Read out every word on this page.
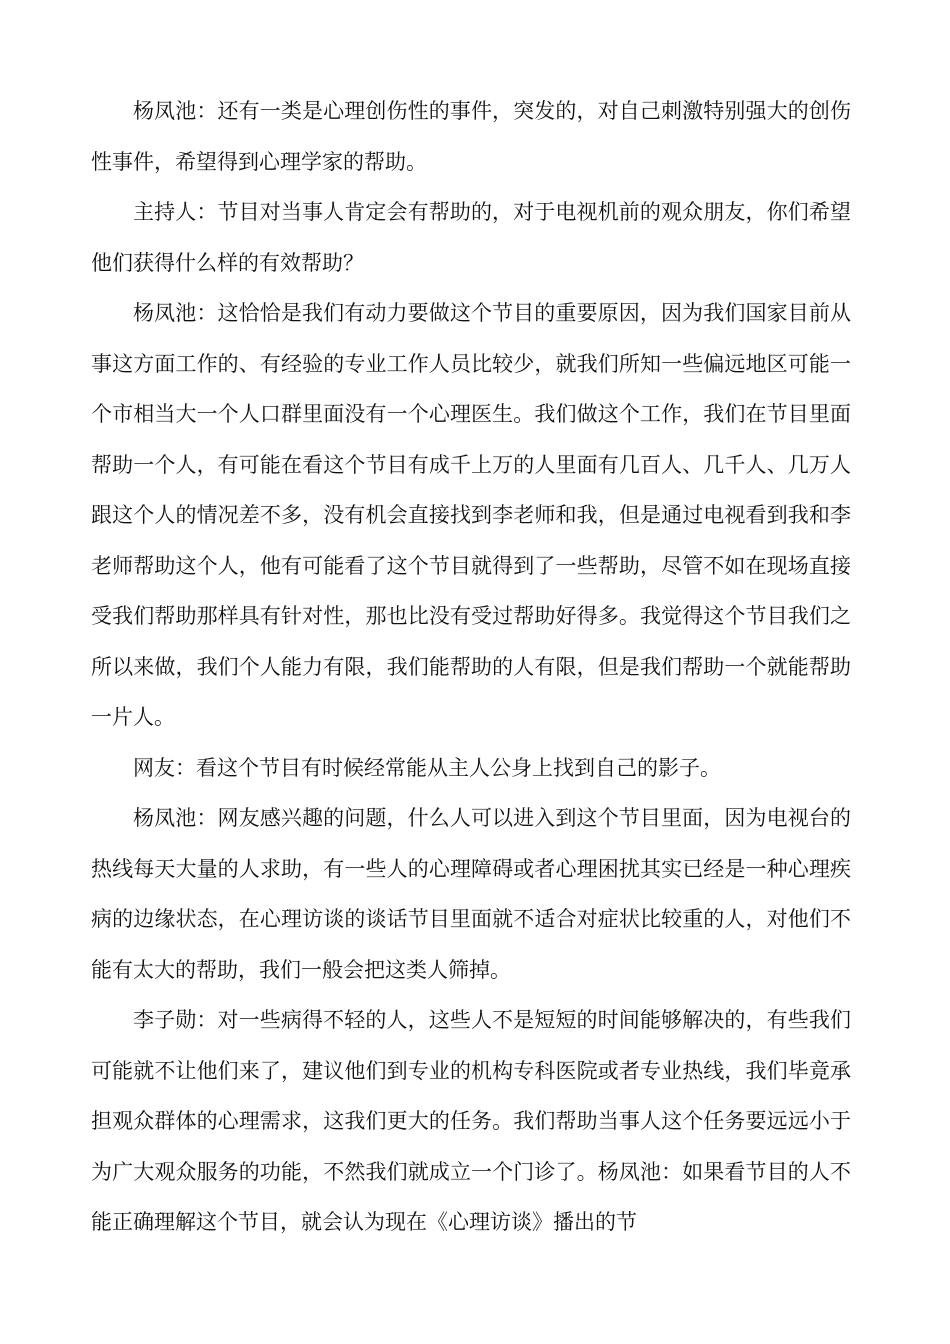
杨凤池：还有一类是心理创伤性的事件，突发的，对自己刺激特别强大的创伤性事件，希望得到心理学家的帮助。

主持人：节目对当事人肯定会有帮助的，对于电视机前的观众朋友，你们希望他们获得什么样的有效帮助？

杨凤池：这恰恰是我们有动力要做这个节目的重要原因，因为我们国家目前从事这方面工作的、有经验的专业工作人员比较少，就我们所知一些偏远地区可能一个市相当大一个人口群里面没有一个心理医生。我们做这个工作，我们在节目里面帮助一个人，有可能在看这个节目有成千上万的人里面有几百人、几千人、几万人跟这个人的情况差不多，没有机会直接找到李老师和我，但是通过电视看到我和李老师帮助这个人，他有可能看了这个节目就得到了一些帮助，尽管不如在现场直接受我们帮助那样具有针对性，那也比没有受过帮助好得多。我觉得这个节目我们之所以来做，我们个人能力有限，我们能帮助的人有限，但是我们帮助一个就能帮助一片人。

网友：看这个节目有时候经常能从主人公身上找到自己的影子。

杨凤池：网友感兴趣的问题，什么人可以进入到这个节目里面，因为电视台的热线每天大量的人求助，有一些人的心理障碍或者心理困扰其实已经是一种心理疾病的边缘状态，在心理访谈的谈话节目里面就不适合对症状比较重的人，对他们不能有太大的帮助，我们一般会把这类人筛掉。

李子勋：对一些病得不轻的人，这些人不是短短的时间能够解决的，有些我们可能就不让他们来了，建议他们到专业的机构专科医院或者专业热线，我们毕竟承担观众群体的心理需求，这我们更大的任务。我们帮助当事人这个任务要远远小于为广大观众服务的功能，不然我们就成立一个门诊了。杨凤池：如果看节目的人不能正确理解这个节目，就会认为现在《心理访谈》播出的节
